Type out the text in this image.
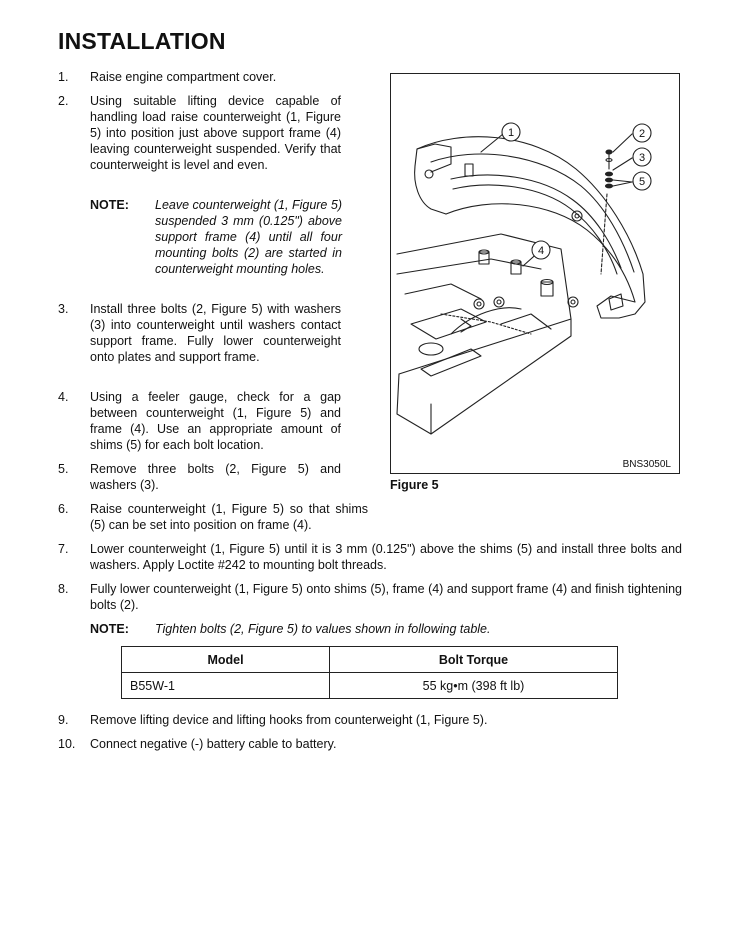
INSTALLATION
1.	Raise engine compartment cover.
2.	Using suitable lifting device capable of handling load raise counterweight (1, Figure 5) into position just above support frame (4) leaving counterweight suspended. Verify that counterweight is level and even.
NOTE: Leave counterweight (1, Figure 5) suspended 3 mm (0.125") above support frame (4) until all four mounting bolts (2) are started in counterweight mounting holes.
3.	Install three bolts (2, Figure 5) with washers (3) into counterweight until washers contact support frame. Fully lower counterweight onto plates and support frame.
4.	Using a feeler gauge, check for a gap between counterweight (1, Figure 5) and frame (4). Use an appropriate amount of shims (5) for each bolt location.
5.	Remove three bolts (2, Figure 5) and washers (3).
6.	Raise counterweight (1, Figure 5) so that shims (5) can be set into position on frame (4).
7.	Lower counterweight (1, Figure 5) until it is 3 mm (0.125") above the shims (5) and install three bolts and washers. Apply Loctite #242 to mounting bolt threads.
8.	Fully lower counterweight (1, Figure 5) onto shims (5), frame (4) and support frame (4) and finish tightening bolts (2).
NOTE: Tighten bolts (2, Figure 5) to values shown in following table.
Model	Bolt Torque
B55W-1	55 kg•m (398 ft lb)
9.	Remove lifting device and lifting hooks from counterweight (1, Figure 5).
10.	Connect negative (-) battery cable to battery.
1	2
3
4
5
BNS3050L
Figure 5
